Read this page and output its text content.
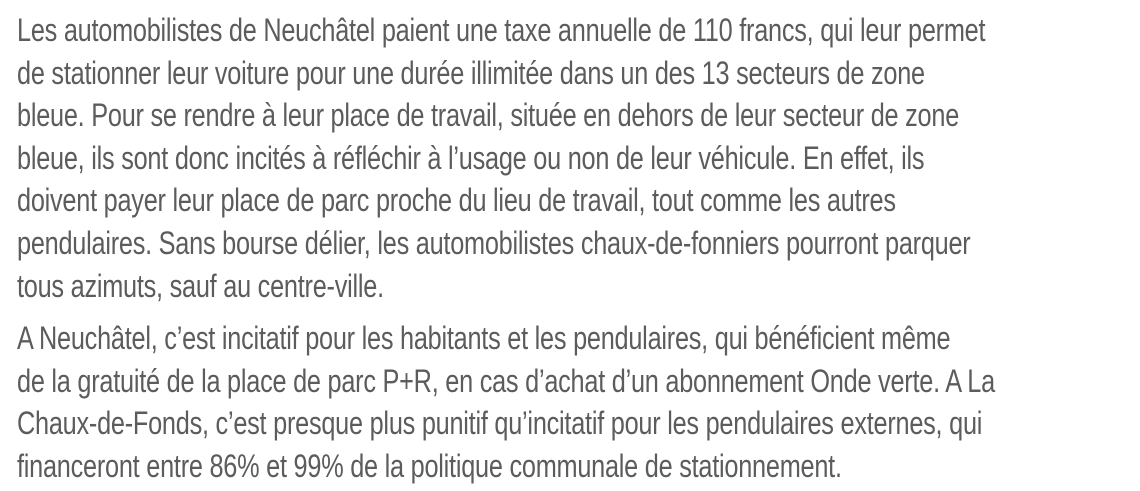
Les automobilistes de Neuchâtel paient une taxe annuelle de 110 francs, qui leur permet
de stationner leur voiture pour une durée illimitée dans un des 13 secteurs de zone
bleue. Pour se rendre à leur place de travail, située en dehors de leur secteur de zone
bleue, ils sont donc incités à réfléchir à l’usage ou non de leur véhicule. En effet, ils
doivent payer leur place de parc proche du lieu de travail, tout comme les autres
pendulaires. Sans bourse délier, les automobilistes chaux-de-fonniers pourront parquer
tous azimuts, sauf au centre-ville.
A Neuchâtel, c’est incitatif pour les habitants et les pendulaires, qui bénéficient même
de la gratuité de la place de parc P+R, en cas d’achat d’un abonnement Onde verte. A La
Chaux-de-Fonds, c’est presque plus punitif qu’incitatif pour les pendulaires externes, qui
financeront entre 86% et 99% de la politique communale de stationnement.
